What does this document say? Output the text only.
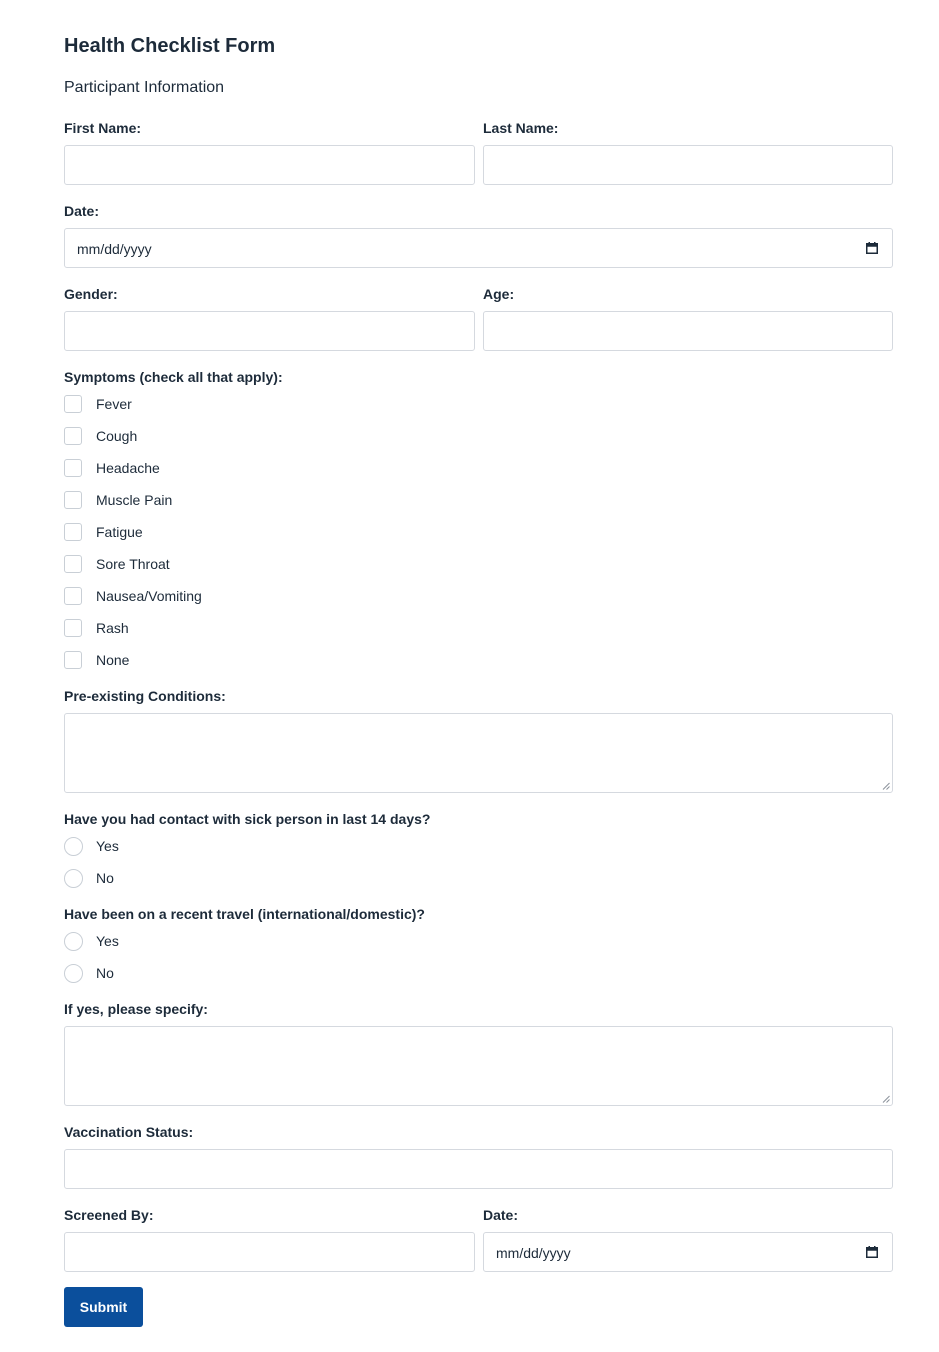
Health Checklist Form
Participant Information
First Name:	Last Name:
Date:
mm/dd/yyyy
Gender:	Age:
Symptoms (check all that apply):
Fever
Cough
Headache
Muscle Pain
Fatigue
Sore Throat
Nausea/Vomiting
Rash
None
Pre-existing Conditions:
Have you had contact with sick person in last 14 days?
Yes
No
Have been on a recent travel (international/domestic)?
Yes
No
If yes, please specify:
Vaccination Status:
Screened By:	Date:
mm/dd/yyyy
Submit
